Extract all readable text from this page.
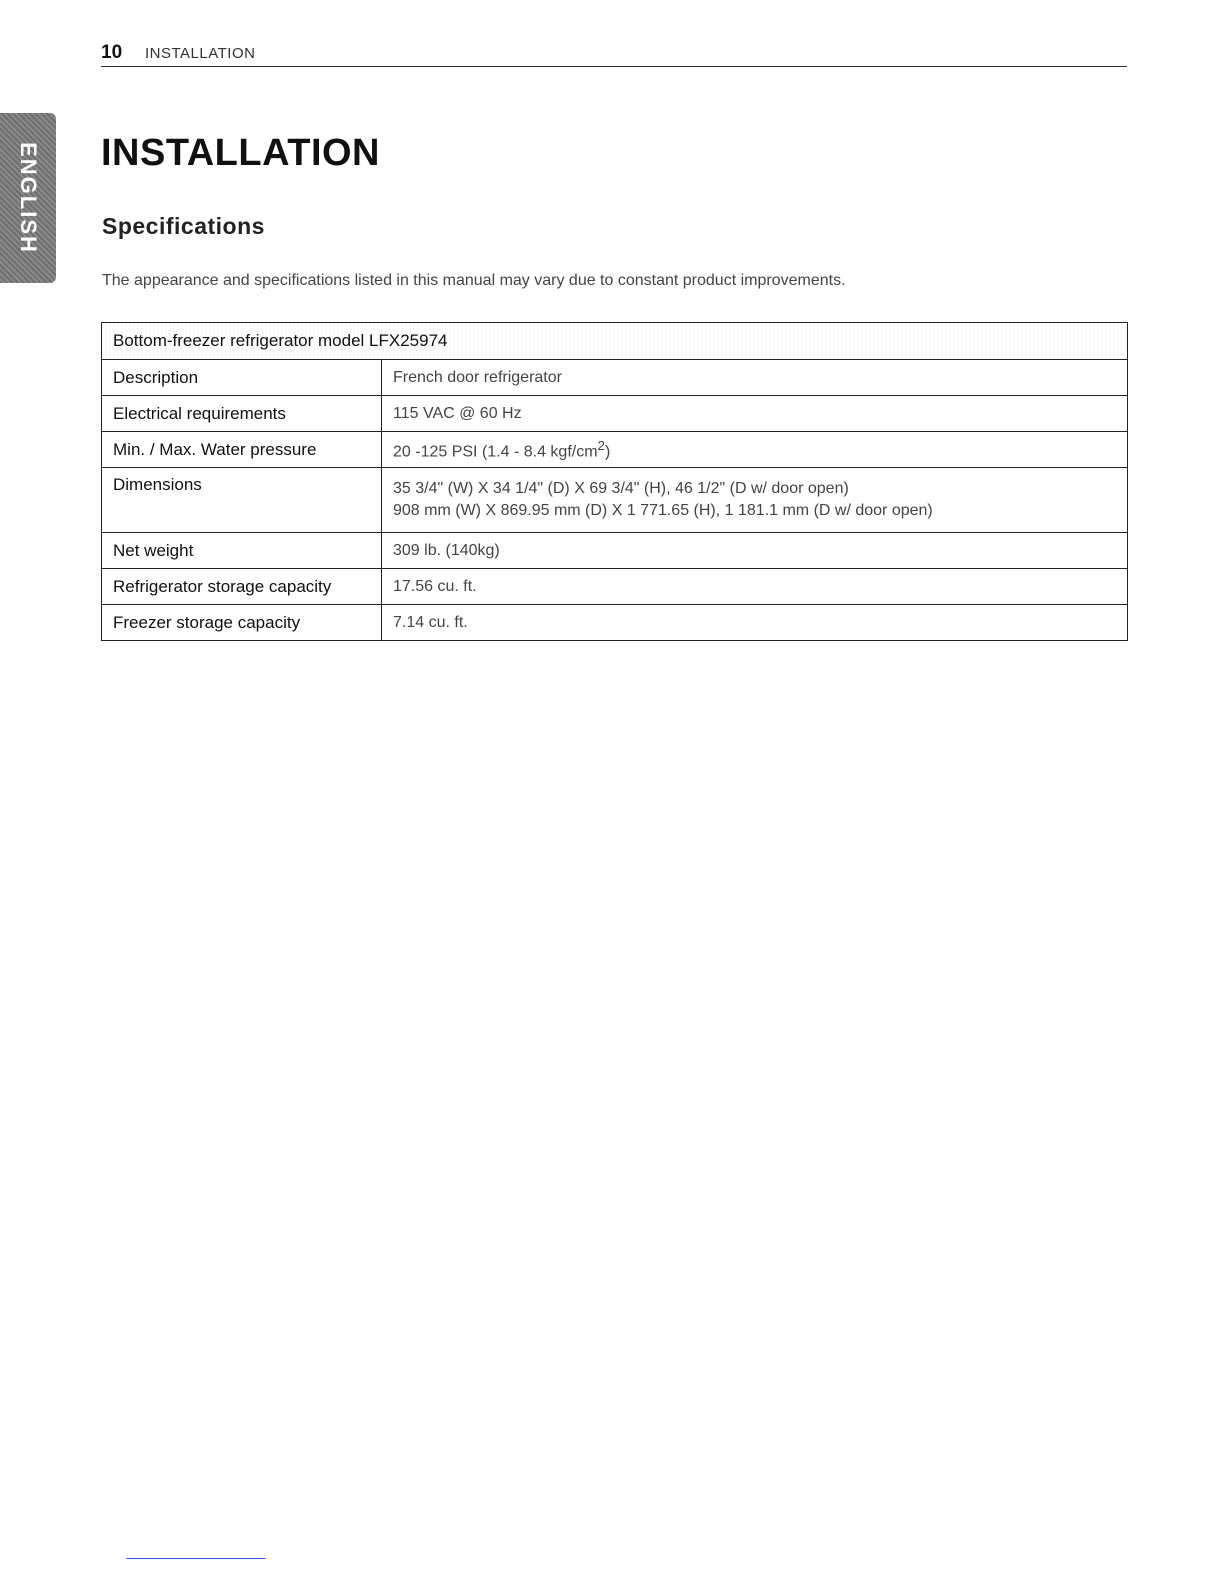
10 INSTALLATION
ENGLISH INSTALLATION
Specifications

The appearance and specifications listed in this manual may vary due to constant product improvements.

Bottom-freezer refrigerator model LFX25974	
Description	French door refrigerator
Electrical requirements	115 VAC @ 60 Hz
Min. / Max. Water pressure	20 -125 PSI (1.4 - 8.4 kgf/$cm^2$)
Dimensions	35 3/4" (W) X 34 1/4" (D) X 69 3/4" (H), 46 1/2" (D w/ door open)
908 mm (W) X 869.95 mm (D) X 1 771.65 (H), 1 181.1 mm (D w/ door open)

Net weight	309 lb. (140kg)
Refrigerator storage capacity	17.56 cu. ft.
Freezer storage capacity	7.14 cu. ft.
